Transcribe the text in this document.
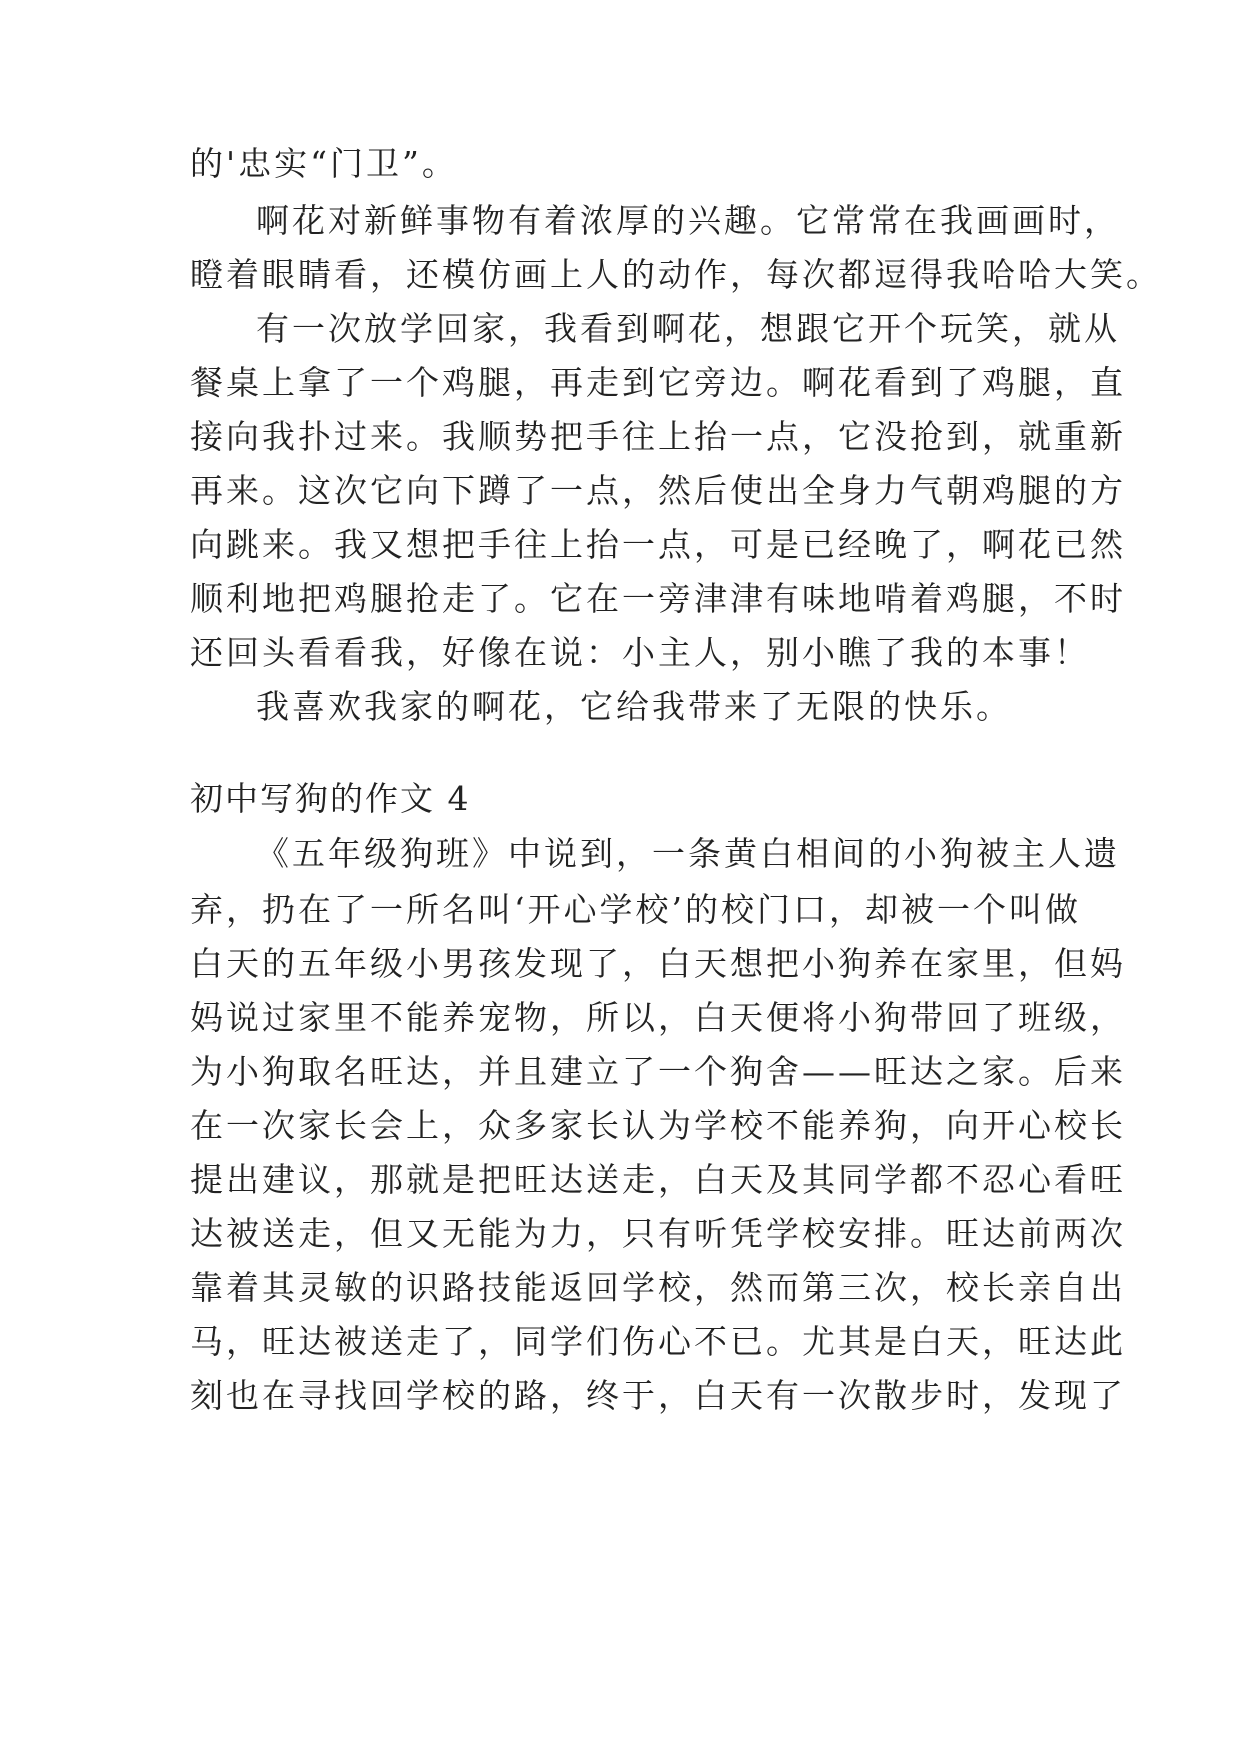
的'忠实“门卫”。
啊花对新鲜事物有着浓厚的兴趣。它常常在我画画时，
瞪着眼睛看，还模仿画上人的动作，每次都逗得我哈哈大笑。
有一次放学回家，我看到啊花，想跟它开个玩笑，就从
餐桌上拿了一个鸡腿，再走到它旁边。啊花看到了鸡腿，直
接向我扑过来。我顺势把手往上抬一点，它没抢到，就重新
再来。这次它向下蹲了一点，然后使出全身力气朝鸡腿的方
向跳来。我又想把手往上抬一点，可是已经晚了，啊花已然
顺利地把鸡腿抢走了。它在一旁津津有味地啃着鸡腿，不时
还回头看看我，好像在说：小主人，别小瞧了我的本事！
我喜欢我家的啊花，它给我带来了无限的快乐。
初中写狗的作文 4
《五年级狗班》中说到，一条黄白相间的小狗被主人遗
弃，扔在了一所名叫‘开心学校’的校门口，却被一个叫做
白天的五年级小男孩发现了，白天想把小狗养在家里，但妈
妈说过家里不能养宠物，所以，白天便将小狗带回了班级，
为小狗取名旺达，并且建立了一个狗舍——旺达之家。后来
在一次家长会上，众多家长认为学校不能养狗，向开心校长
提出建议，那就是把旺达送走，白天及其同学都不忍心看旺
达被送走，但又无能为力，只有听凭学校安排。旺达前两次
靠着其灵敏的识路技能返回学校，然而第三次，校长亲自出
马，旺达被送走了，同学们伤心不已。尤其是白天，旺达此
刻也在寻找回学校的路，终于，白天有一次散步时，发现了
